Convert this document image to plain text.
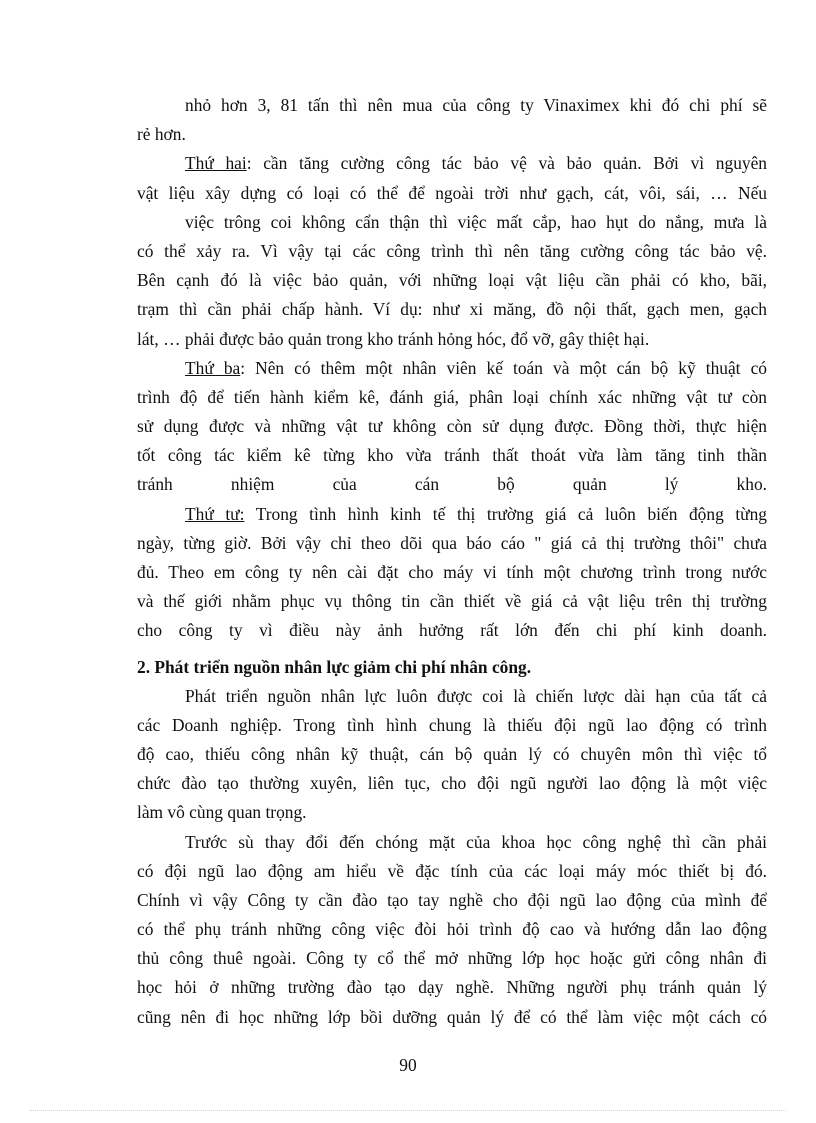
nhỏ hơn 3, 81 tấn thì nên mua của công ty Vinaximex khi đó chi phí sẽ
rẻ hơn.
Thứ hai: cần tăng cường công tác bảo vệ và bảo quản. Bởi vì nguyên
vật liệu xây dựng có loại có thể để ngoài trời như gạch, cát, vôi, sái, … Nếu
việc trông coi không cẩn thận thì việc mất cắp, hao hụt do nắng, mưa là
có thể xảy ra. Vì vậy tại các công trình thì nên tăng cường công tác bảo vệ.
Bên cạnh đó là việc bảo quản, với những loại vật liệu cần phải có kho, bãi,
trạm thì cần phải chấp hành. Ví dụ: như xi măng, đồ nội thất, gạch men, gạch
lát, … phải được bảo quản trong kho tránh hỏng hóc, đổ vỡ, gây thiệt hại.
Thứ ba: Nên có thêm một nhân viên kế toán và một cán bộ kỹ thuật có
trình độ để tiến hành kiểm kê, đánh giá, phân loại chính xác những vật tư còn
sử dụng được và những vật tư không còn sử dụng được. Đồng thời, thực hiện
tốt công tác kiểm kê từng kho vừa tránh thất thoát vừa làm tăng tinh thần
tránh nhiệm của cán bộ quản lý kho.
Thứ tư: Trong tình hình kinh tế thị trường giá cả luôn biến động từng
ngày, từng giờ. Bởi vậy chỉ theo dõi qua báo cáo " giá cả thị trường thôi" chưa
đủ. Theo em công ty nên cài đặt cho máy vi tính một chương trình trong nước
và thế giới nhằm phục vụ thông tin cần thiết về giá cả vật liệu trên thị trường
cho công ty vì điều này ảnh hưởng rất lớn đến chi phí kinh doanh.
2. Phát triển nguồn nhân lực giảm chi phí nhân công.
Phát triển nguồn nhân lực luôn được coi là chiến lược dài hạn của tất cả
các Doanh nghiệp. Trong tình hình chung là thiếu đội ngũ lao động có trình
độ cao, thiếu công nhân kỹ thuật, cán bộ quản lý có chuyên môn thì việc tổ
chức đào tạo thường xuyên, liên tục, cho đội ngũ người lao động là một việc
làm vô cùng quan trọng.
Trước sù thay đổi đến chóng mặt của khoa học công nghệ thì cần phải
có đội ngũ lao động am hiểu về đặc tính của các loại máy móc thiết bị đó.
Chính vì vậy Công ty cần đào tạo tay nghề cho đội ngũ lao động của mình để
có thể phụ tránh những công việc đòi hỏi trình độ cao và hướng dẫn lao động
thủ công thuê ngoài. Công ty cổ thể mở những lớp học hoặc gửi công nhân đi
học hỏi ở những trường đào tạo dạy nghề. Những người phụ tránh quản lý
cũng nên đi học những lớp bồi dưỡng quản lý để có thể làm việc một cách có
90
